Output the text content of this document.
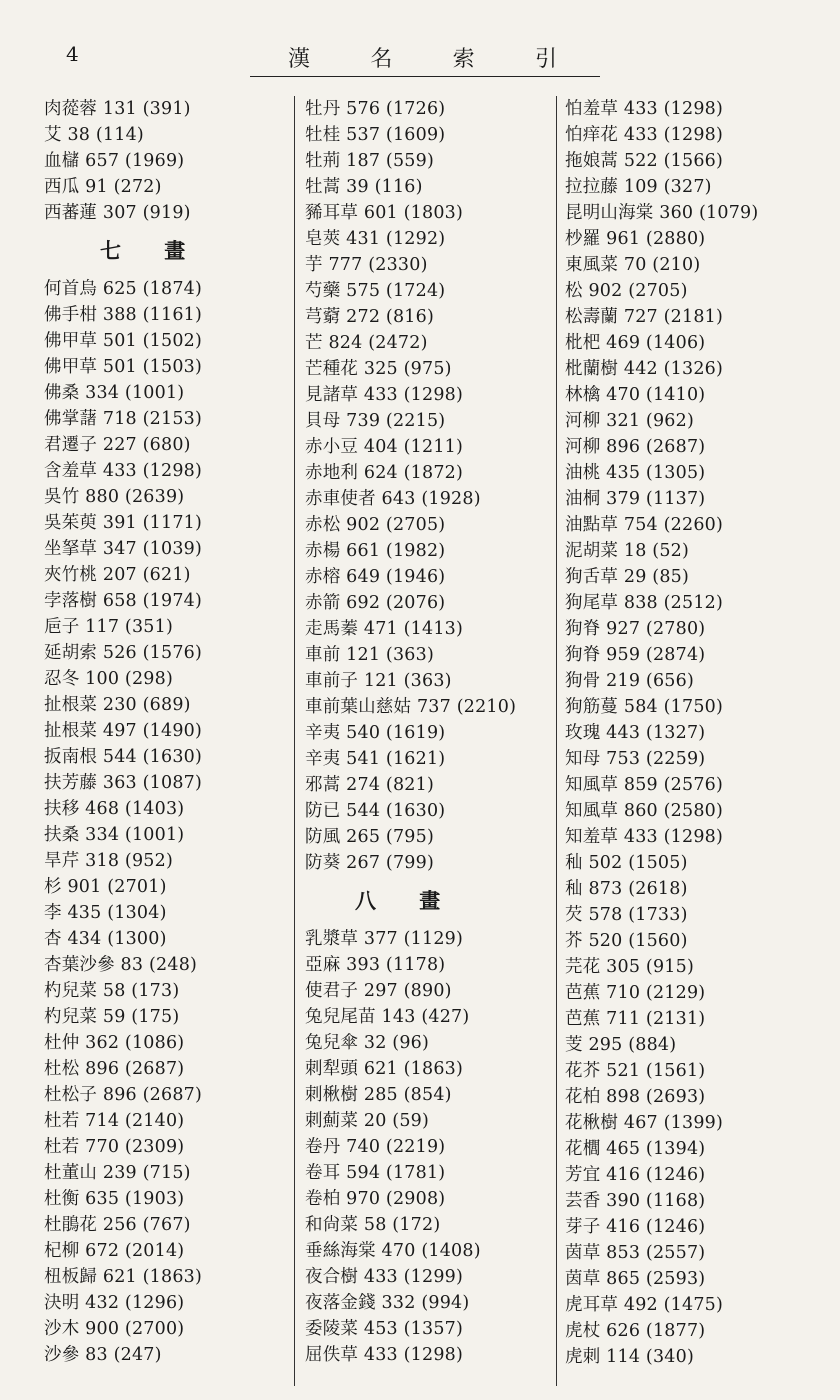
4	漢	名	索	引
肉蓯蓉 131 (391)
艾 38 (114)
血櫧 657 (1969)
西瓜 91 (272)
西蕃蓮 307 (919)
七 畫
何首烏 625 (1874)
佛手柑 388 (1161)
佛甲草 501 (1502)
佛甲草 501 (1503)
佛桑 334 (1001)
佛掌藷 718 (2153)
君遷子 227 (680)
含羞草 433 (1298)
吳竹 880 (2639)
吳茱萸 391 (1171)
坐拏草 347 (1039)
夾竹桃 207 (621)
孛落樹 658 (1974)
巵子 117 (351)
延胡索 526 (1576)
忍冬 100 (298)
扯根菜 230 (689)
扯根菜 497 (1490)
扳南根 544 (1630)
扶芳藤 363 (1087)
扶移 468 (1403)
扶桑 334 (1001)
旱芹 318 (952)
杉 901 (2701)
李 435 (1304)
杏 434 (1300)
杏葉沙參 83 (248)
杓兒菜 58 (173)
杓兒菜 59 (175)
杜仲 362 (1086)
杜松 896 (2687)
杜松子 896 (2687)
杜若 714 (2140)
杜若 770 (2309)
杜董山 239 (715)
杜衡 635 (1903)
杜鵑花 256 (767)
杞柳 672 (2014)
杻板歸 621 (1863)
決明 432 (1296)
沙木 900 (2700)
沙參 83 (247)
牡丹 576 (1726)
牡桂 537 (1609)
牡荊 187 (559)
牡蒿 39 (116)
豨耳草 601 (1803)
皂莢 431 (1292)
芋 777 (2330)
芍藥 575 (1724)
芎藭 272 (816)
芒 824 (2472)
芒種花 325 (975)
見諸草 433 (1298)
貝母 739 (2215)
赤小豆 404 (1211)
赤地利 624 (1872)
赤車使者 643 (1928)
赤松 902 (2705)
赤楊 661 (1982)
赤榕 649 (1946)
赤箭 692 (2076)
走馬蓁 471 (1413)
車前 121 (363)
車前子 121 (363)
車前葉山慈姑 737 (2210)
辛夷 540 (1619)
辛夷 541 (1621)
邪蒿 274 (821)
防已 544 (1630)
防風 265 (795)
防葵 267 (799)
八 畫
乳漿草 377 (1129)
亞麻 393 (1178)
使君子 297 (890)
兔兒尾苗 143 (427)
兔兒傘 32 (96)
刺犁頭 621 (1863)
刺楸樹 285 (854)
刺薊菜 20 (59)
卷丹 740 (2219)
卷耳 594 (1781)
卷柏 970 (2908)
和尙菜 58 (172)
垂絲海棠 470 (1408)
夜合樹 433 (1299)
夜落金錢 332 (994)
委陵菜 453 (1357)
屈佚草 433 (1298)
怕羞草 433 (1298)
怕痒花 433 (1298)
拖娘蒿 522 (1566)
拉拉藤 109 (327)
昆明山海棠 360 (1079)
杪羅 961 (2880)
東風菜 70 (210)
松 902 (2705)
松壽蘭 727 (2181)
枇杷 469 (1406)
枇蘭樹 442 (1326)
林檎 470 (1410)
河柳 321 (962)
河柳 896 (2687)
油桃 435 (1305)
油桐 379 (1137)
油點草 754 (2260)
泥胡菜 18 (52)
狗舌草 29 (85)
狗尾草 838 (2512)
狗脊 927 (2780)
狗脊 959 (2874)
狗骨 219 (656)
狗筋蔓 584 (1750)
玫瑰 443 (1327)
知母 753 (2259)
知風草 859 (2576)
知風草 860 (2580)
知羞草 433 (1298)
秈 502 (1505)
秈 873 (2618)
芡 578 (1733)
芥 520 (1560)
芫花 305 (915)
芭蕉 710 (2129)
芭蕉 711 (2131)
芰 295 (884)
花芥 521 (1561)
花柏 898 (2693)
花楸樹 467 (1399)
花櫚 465 (1394)
芳宜 416 (1246)
芸香 390 (1168)
芽子 416 (1246)
茵草 853 (2557)
茵草 865 (2593)
虎耳草 492 (1475)
虎杖 626 (1877)
虎刺 114 (340)
